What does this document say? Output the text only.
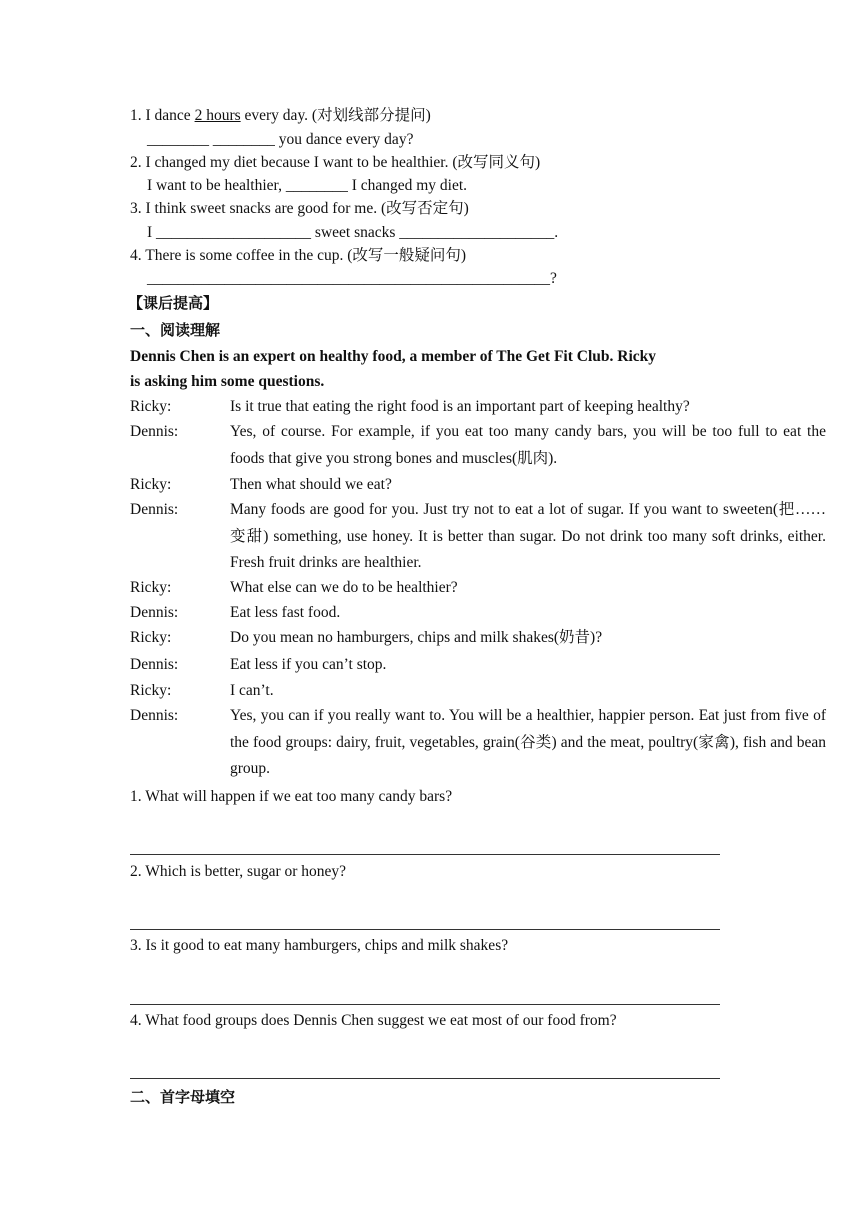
1. I dance 2 hours every day. (对划线部分提问)
________ ________ you dance every day?
2. I changed my diet because I want to be healthier. (改写同义句)
I want to be healthier, ________ I changed my diet.
3. I think sweet snacks are good for me. (改写否定句)
I ____________________ sweet snacks ____________________.
4. There is some coffee in the cup. (改写一般疑问句)
____________________________________________________?
【课后提高】
一、阅读理解
Dennis Chen is an expert on healthy food, a member of The Get Fit Club. Ricky
is asking him some questions.
Ricky:	Is it true that eating the right food is an important part of keeping healthy?
Dennis:	Yes, of course. For example, if you eat too many candy bars, you will be too full to eat the foods that give you strong bones and muscles(肌肉).
Ricky:	Then what should we eat?
Dennis:	Many foods are good for you. Just try not to eat a lot of sugar. If you want to sweeten(把……变甜) something, use honey. It is better than sugar. Do not drink too many soft drinks, either. Fresh fruit drinks are healthier.
Ricky:	What else can we do to be healthier?
Dennis:	Eat less fast food.
Ricky:	Do you mean no hamburgers, chips and milk shakes(奶昔)?
Dennis:	Eat less if you can’t stop.
Ricky:	I can’t.
Dennis:	Yes, you can if you really want to. You will be a healthier, happier person. Eat just from five of the food groups: dairy, fruit, vegetables, grain(谷类) and the meat, poultry(家禽), fish and bean group.
1. What will happen if we eat too many candy bars?
2. Which is better, sugar or honey?
3. Is it good to eat many hamburgers, chips and milk shakes?
4. What food groups does Dennis Chen suggest we eat most of our food from?
二、首字母填空
